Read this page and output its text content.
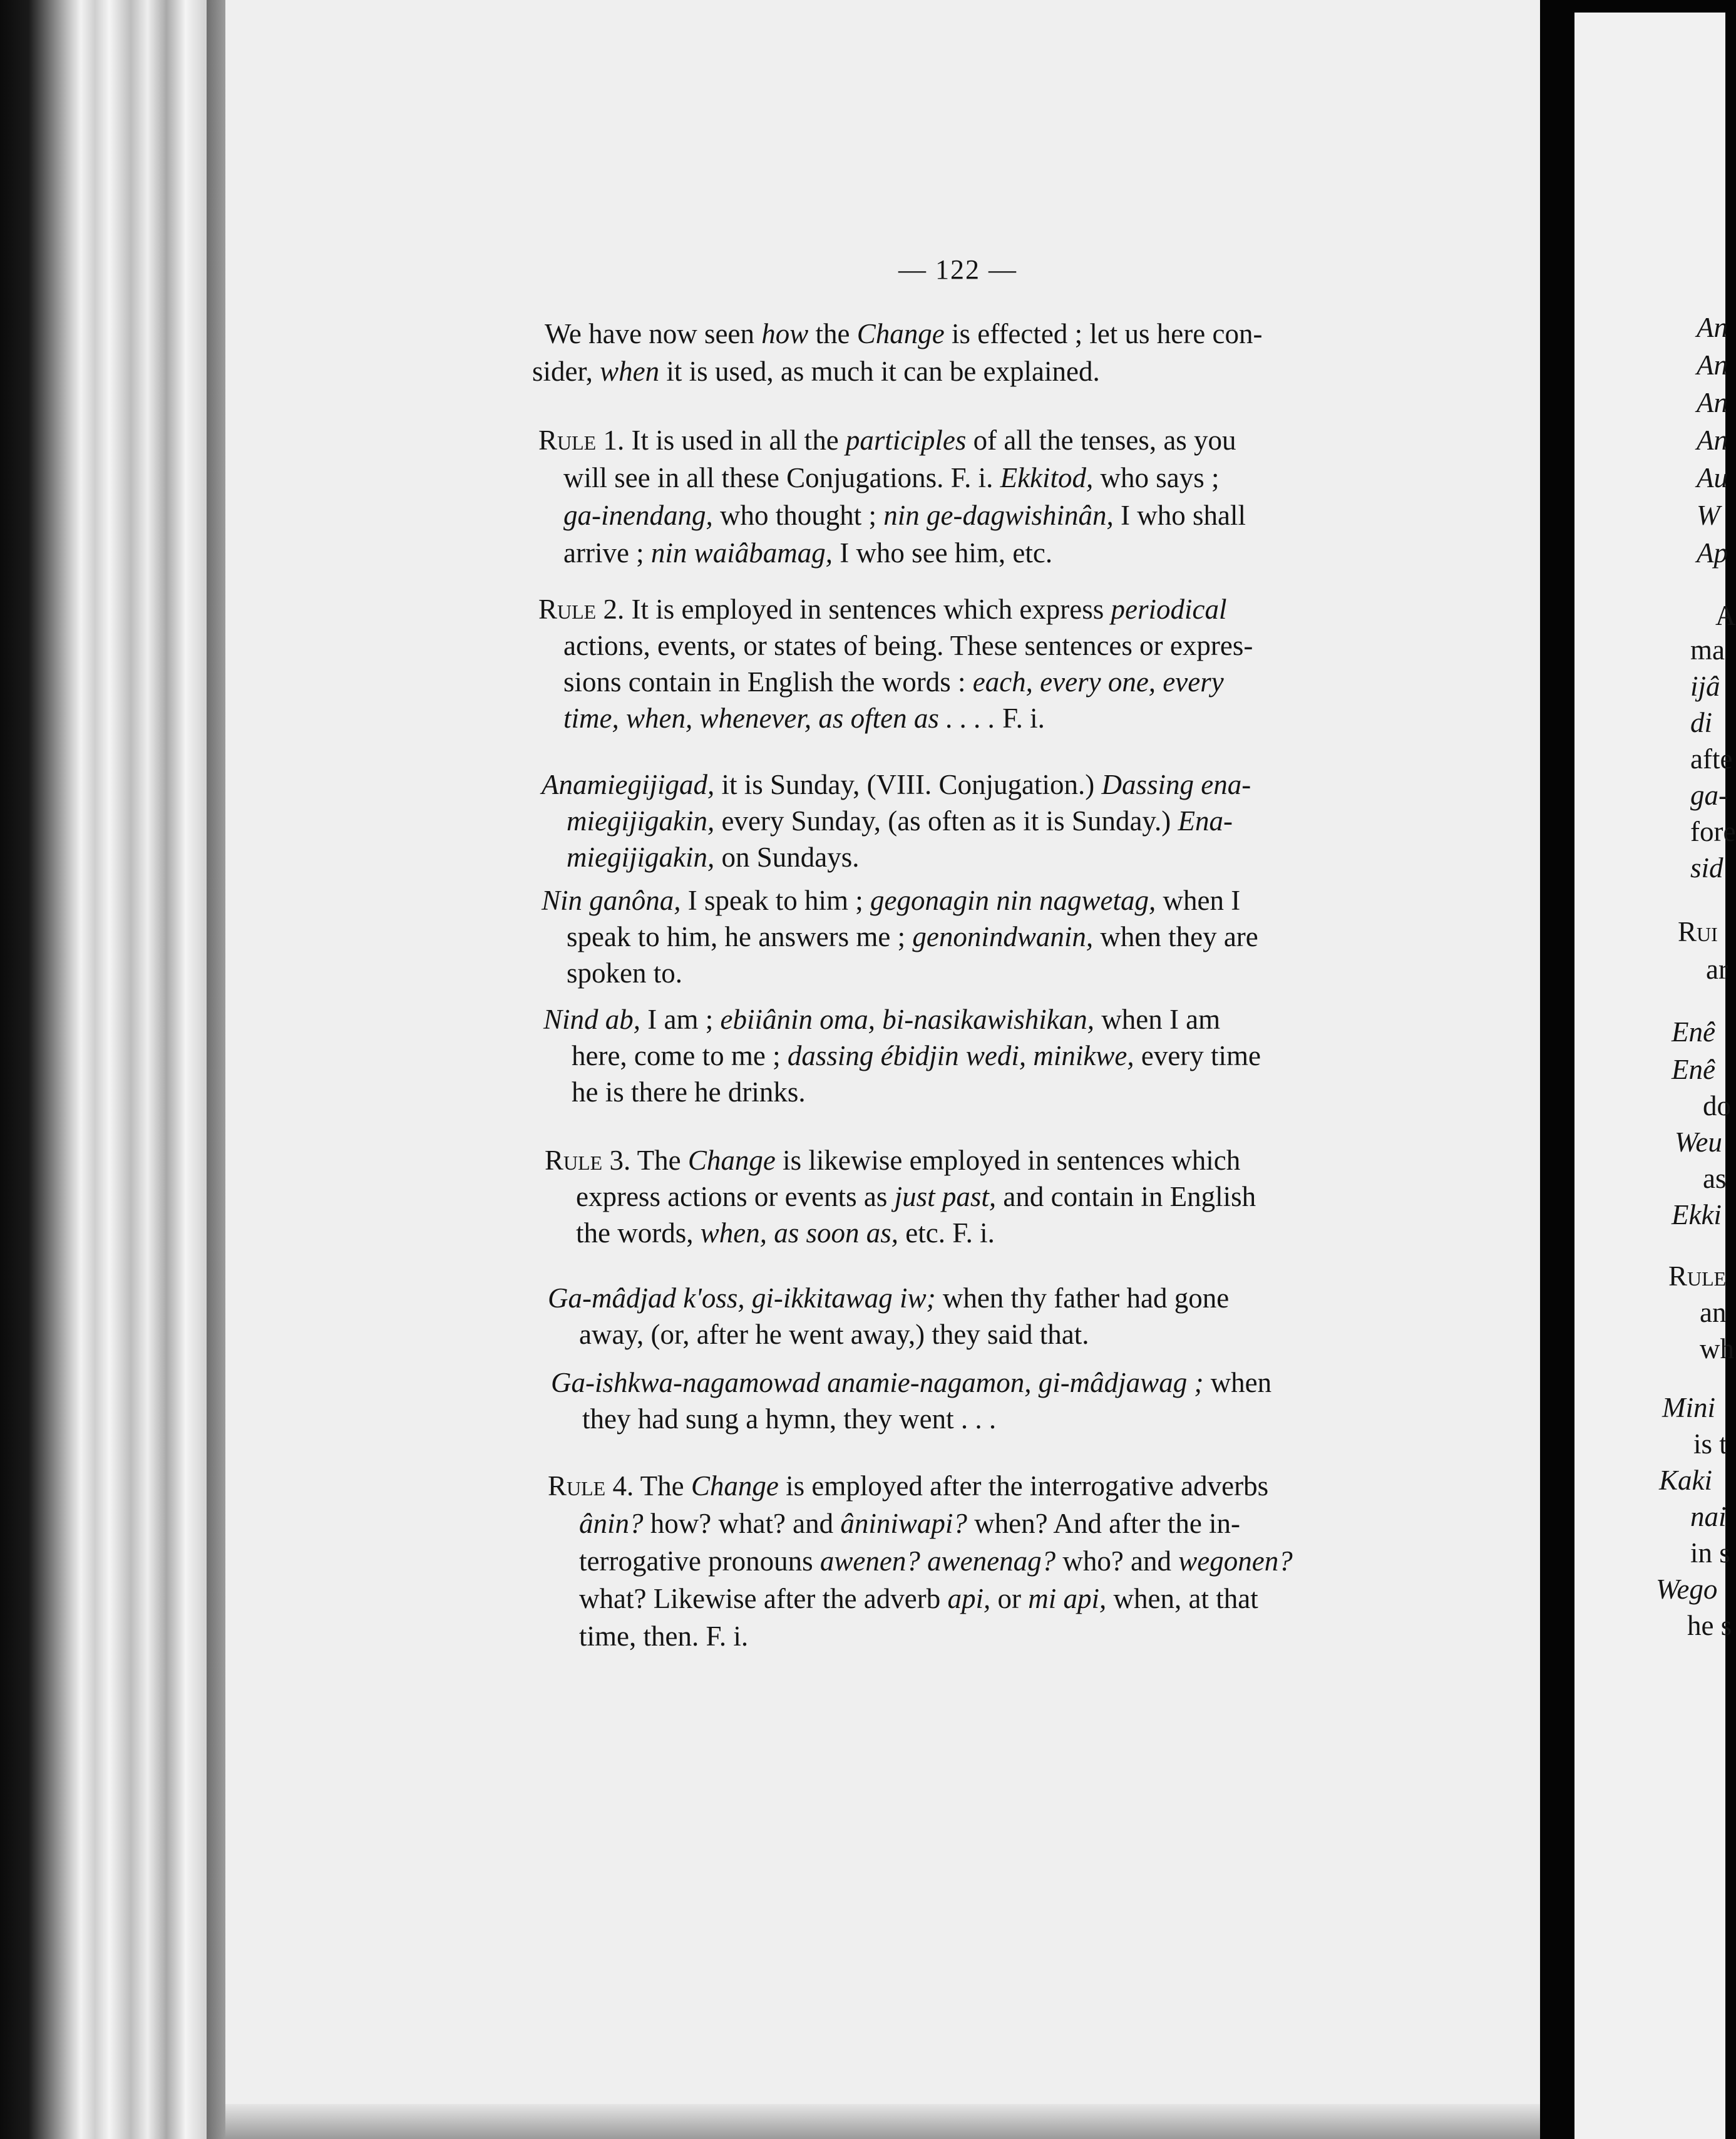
— 122 —
We have now seen how the Change is effected ; let us here con-
sider, when it is used, as much it can be explained.
Rule 1. It is used in all the participles of all the tenses, as you
will see in all these Conjugations. F. i. Ekkitod, who says ;
ga-inendang, who thought ; nin ge-dagwishinân, I who shall
arrive ; nin waiâbamag, I who see him, etc.
Rule 2. It is employed in sentences which express periodical
actions, events, or states of being. These sentences or expres-
sions contain in English the words : each, every one, every
time, when, whenever, as often as . . . . F. i.
Anamiegijigad, it is Sunday, (VIII. Conjugation.) Dassing ena-
miegijigakin, every Sunday, (as often as it is Sunday.) Ena-
miegijigakin, on Sundays.
Nin ganôna, I speak to him ; gegonagin nin nagwetag, when I
speak to him, he answers me ; genonindwanin, when they are
spoken to.
Nind ab, I am ; ebiiânin oma, bi-nasikawishikan, when I am
here, come to me ; dassing ébidjin wedi, minikwe, every time
he is there he drinks.
Rule 3. The Change is likewise employed in sentences which
express actions or events as just past, and contain in English
the words, when, as soon as, etc. F. i.
Ga-mâdjad k'oss, gi-ikkitawag iw; when thy father had gone
away, (or, after he went away,) they said that.
Ga-ishkwa-nagamowad anamie-nagamon, gi-mâdjawag ; when
they had sung a hymn, they went . . .
Rule 4. The Change is employed after the interrogative adverbs
ânin? how? what? and âniniwapi? when? And after the in-
terrogative pronouns awenen? awenenag? who? and wegonen?
what? Likewise after the adverb api, or mi api, when, at that
time, then. F. i.
An
An
An
An
Au
W
Ap
A
ma
ijâ
di
afte
ga-
fore
sid
Rui
ar
Enê
Enê
do
Weu
as
Ekki
Rule
an
wh
Mini
is t
Kaki
nai
in s
Wego
he s
